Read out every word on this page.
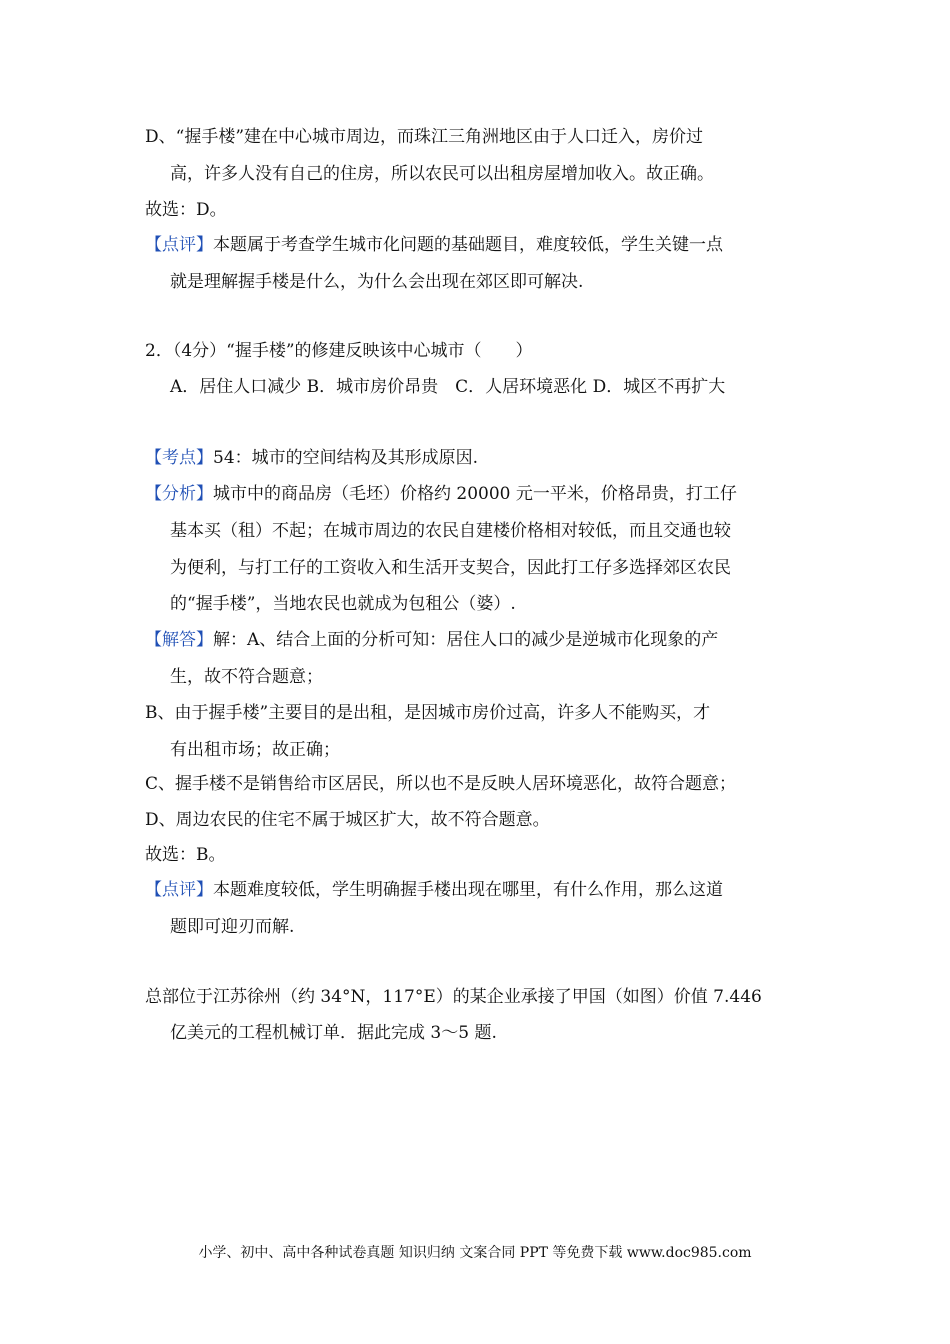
D、“握手楼”建在中心城市周边，而珠江三角洲地区由于人口迁入，房价过
高，许多人没有自己的住房，所以农民可以出租房屋增加收入。故正确。
故选：D。
【点评】本题属于考查学生城市化问题的基础题目，难度较低，学生关键一点
就是理解握手楼是什么，为什么会出现在郊区即可解决.
2．（4分）“握手楼”的修建反映该中心城市（　　）
A．居住人口减少 B．城市房价昂贵　C．人居环境恶化 D．城区不再扩大
【考点】54：城市的空间结构及其形成原因.
【分析】城市中的商品房（毛坯）价格约 20000 元一平米，价格昂贵，打工仔
基本买（租）不起；在城市周边的农民自建楼价格相对较低，而且交通也较
为便利，与打工仔的工资收入和生活开支契合，因此打工仔多选择郊区农民
的“握手楼”，当地农民也就成为包租公（婆）.
【解答】解：A、结合上面的分析可知：居住人口的减少是逆城市化现象的产
生，故不符合题意；
B、由于握手楼”主要目的是出租，是因城市房价过高，许多人不能购买，才
有出租市场；故正确；
C、握手楼不是销售给市区居民，所以也不是反映人居环境恶化，故符合题意；
D、周边农民的住宅不属于城区扩大，故不符合题意。
故选：B。
【点评】本题难度较低，学生明确握手楼出现在哪里，有什么作用，那么这道
题即可迎刃而解.
总部位于江苏徐州（约 34°N，117°E）的某企业承接了甲国（如图）价值 7.446
亿美元的工程机械订单．据此完成 3～5 题.
小学、初中、高中各种试卷真题 知识归纳 文案合同 PPT 等免费下载 www.doc985.com
